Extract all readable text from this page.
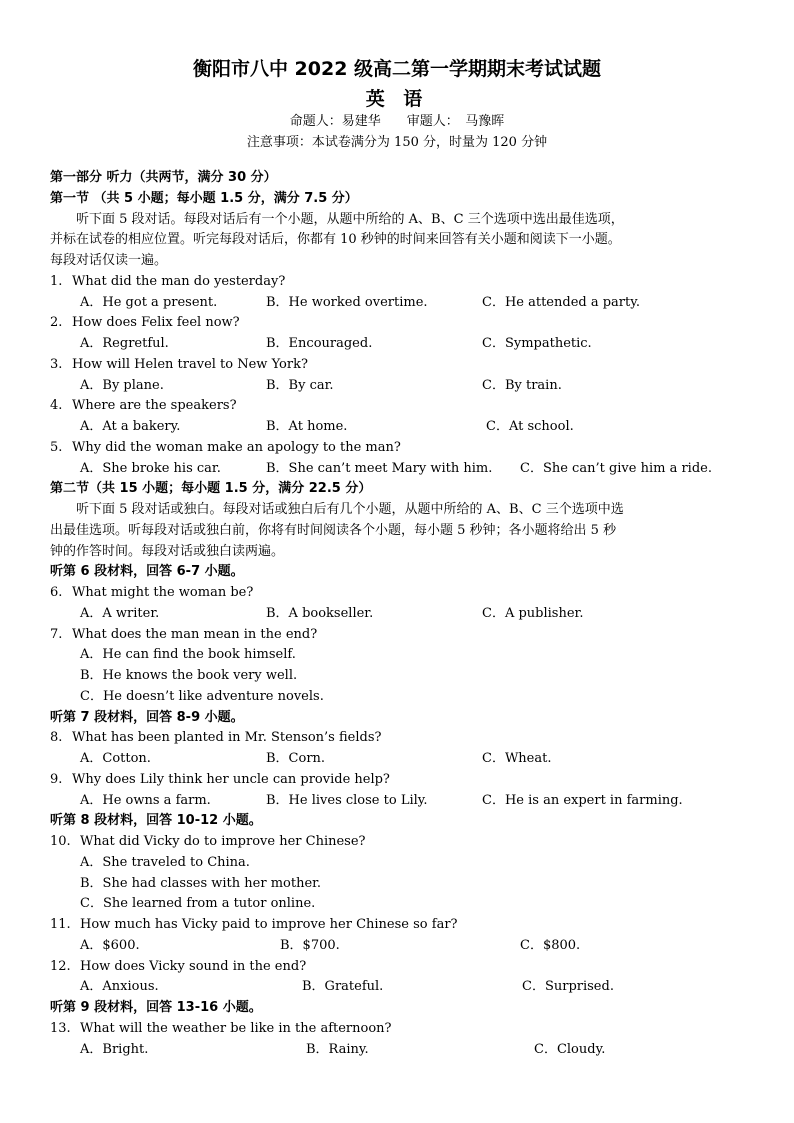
衡阳市八中 2022 级高二第一学期期末考试试题
英 语
命题人：易建华　　审题人：　马豫晖
注意事项：本试卷满分为 150 分，时量为 120 分钟
第一部分 听力（共两节，满分 30 分）
第一节 （共 5 小题；每小题 1.5 分，满分 7.5 分）
听下面 5 段对话。每段对话后有一个小题，从题中所给的 A、B、C 三个选项中选出最佳选项，
并标在试卷的相应位置。听完每段对话后，你都有 10 秒钟的时间来回答有关小题和阅读下一小题。
每段对话仅读一遍。
1. What did the man do yesterday?
A．He got a present.	B．He worked overtime.	C．He attended a party.
2. How does Felix feel now?
A．Regretful.	B．Encouraged.	C．Sympathetic.
3. How will Helen travel to New York?
A．By plane.	B．By car.	C．By train.
4. Where are the speakers?
A．At a bakery.	B．At home.	C．At school.
5. Why did the woman make an apology to the man?
A．She broke his car.	B．She can’t meet Mary with him. C．She can’t give him a ride.
第二节（共 15 小题；每小题 1.5 分，满分 22.5 分）
听下面 5 段对话或独白。每段对话或独白后有几个小题，从题中所给的 A、B、C 三个选项中选
出最佳选项。听每段对话或独白前，你将有时间阅读各个小题，每小题 5 秒钟；各小题将给出 5 秒
钟的作答时间。每段对话或独白读两遍。
听第 6 段材料，回答 6-7 小题。
6. What might the woman be?
A．A writer.	B．A bookseller.	C．A publisher.
7. What does the man mean in the end?
A．He can find the book himself.
B．He knows the book very well.
C．He doesn’t like adventure novels.
听第 7 段材料，回答 8-9 小题。
8. What has been planted in Mr. Stenson’s fields?
A．Cotton.	B．Corn.	C．Wheat.
9. Why does Lily think her uncle can provide help?
A．He owns a farm.	B．He lives close to Lily.	C．He is an expert in farming.
听第 8 段材料，回答 10-12 小题。
10. What did Vicky do to improve her Chinese?
A．She traveled to China.
B．She had classes with her mother.
C．She learned from a tutor online.
11. How much has Vicky paid to improve her Chinese so far?
A．$600.	B．$700.	C．$800.
12. How does Vicky sound in the end?
A．Anxious.	B．Grateful.	C．Surprised.
听第 9 段材料，回答 13-16 小题。
13. What will the weather be like in the afternoon?
A．Bright.	B．Rainy.	C．Cloudy.
